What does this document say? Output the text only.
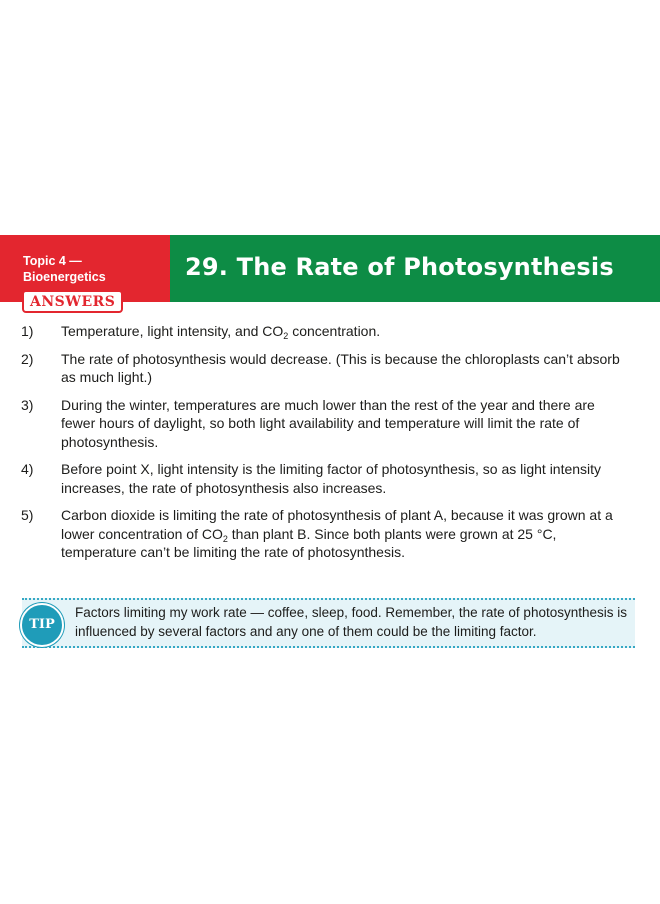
Topic 4 —
Bioenergetics
ANSWERS
29. The Rate of Photosynthesis
1) Temperature, light intensity, and $CO_2$ concentration.
2) The rate of photosynthesis would decrease. (This is because the chloroplasts can’t absorb as much light.)
3) During the winter, temperatures are much lower than the rest of the year and there are fewer hours of daylight, so both light availability and temperature will limit the rate of photosynthesis.
4) Before point X, light intensity is the limiting factor of photosynthesis, so as light intensity increases, the rate of photosynthesis also increases.
5) Carbon dioxide is limiting the rate of photosynthesis of plant A, because it was grown at a lower concentration of $CO_2$ than plant B. Since both plants were grown at 25 °C, temperature can’t be limiting the rate of photosynthesis.
TIP
Factors limiting my work rate — coffee, sleep, food. Remember, the rate of photosynthesis is influenced by several factors and any one of them could be the limiting factor.
